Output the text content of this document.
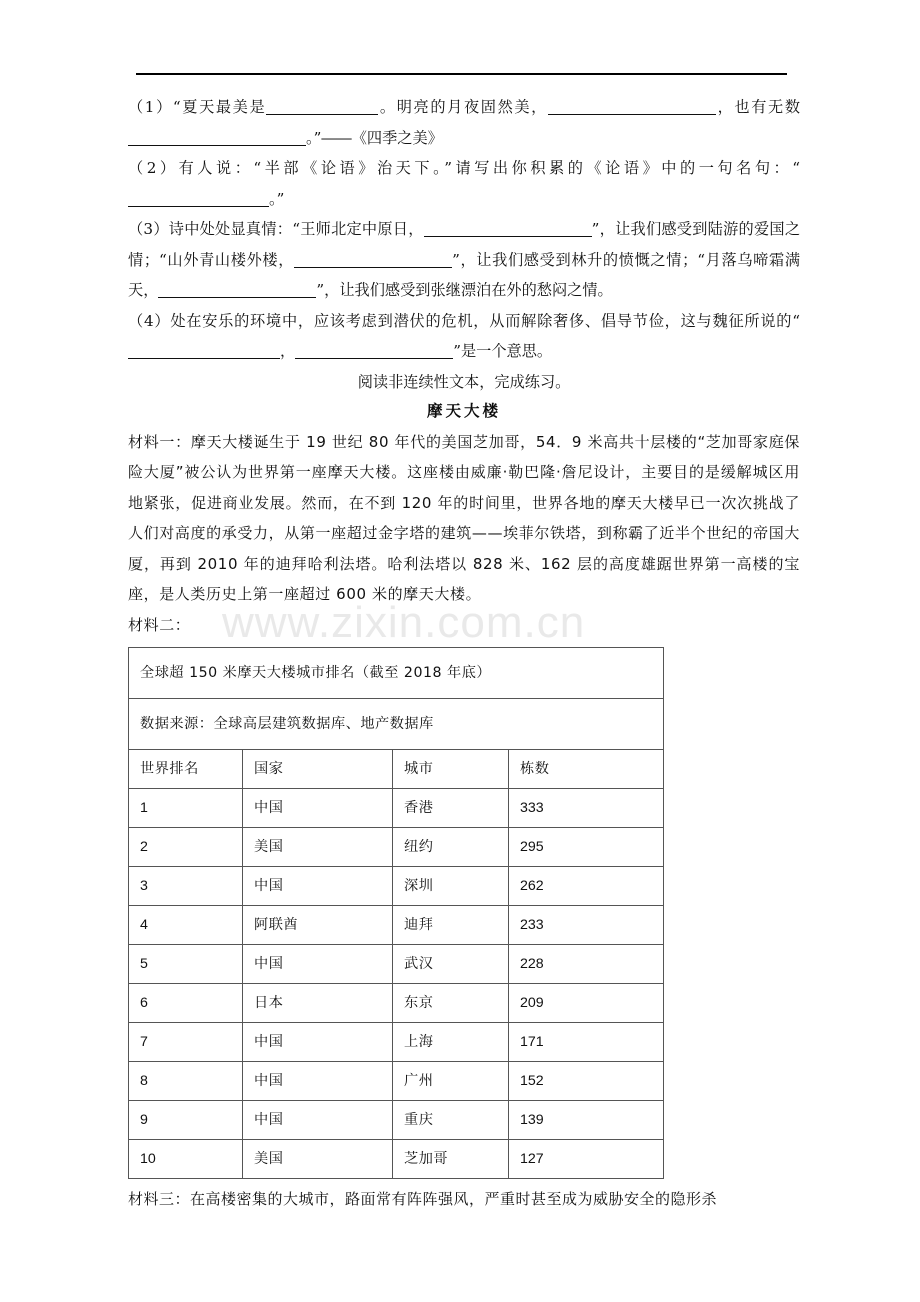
www.zixin.com.cn

（1）“夏天最美是	。明亮的月夜固然美，	，也有无数。”――《四季之美》

（2）有人说：“半部《论语》治天下。”请写出你积累的《论语》中的一句名句：“。”

（3）诗中处处显真情：“王师北定中原日，	”，让我们感受到陆游的爱国之情；“山外青山楼外楼，	”，让我们感受到林升的愤慨之情；“月落乌啼霜满天，	”，让我们感受到张继漂泊在外的愁闷之情。

（4）处在安乐的环境中，应该考虑到潜伏的危机，从而解除奢侈、倡导节俭，这与魏征所说的“，	”是一个意思。

阅读非连续性文本，完成练习。

摩天大楼

材料一：摩天大楼诞生于 19 世纪 80 年代的美国芝加哥，54．9 米高共十层楼的“芝加哥家庭保险大厦”被公认为世界第一座摩天大楼。这座楼由威廉·勒巴隆·詹尼设计，主要目的是缓解城区用地紧张，促进商业发展。然而，在不到 120 年的时间里，世界各地的摩天大楼早已一次次挑战了人们对高度的承受力，从第一座超过金字塔的建筑——埃菲尔铁塔，到称霸了近半个世纪的帝国大厦，再到 2010 年的迪拜哈利法塔。哈利法塔以 828 米、162 层的高度雄踞世界第一高楼的宝座，是人类历史上第一座超过 600 米的摩天大楼。

材料二：

全球超 150 米摩天大楼城市排名（截至 2018 年底）			
数据来源：全球高层建筑数据库、地产数据库			
世界排名	国家	城市	栋数
1	中国	香港	333
2	美国	纽约	295
3	中国	深圳	262
4	阿联酋	迪拜	233
5	中国	武汉	228
6	日本	东京	209
7	中国	上海	171
8	中国	广州	152
9	中国	重庆	139
10	美国	芝加哥	127

材料三：在高楼密集的大城市，路面常有阵阵强风，严重时甚至成为威胁安全的隐形杀
